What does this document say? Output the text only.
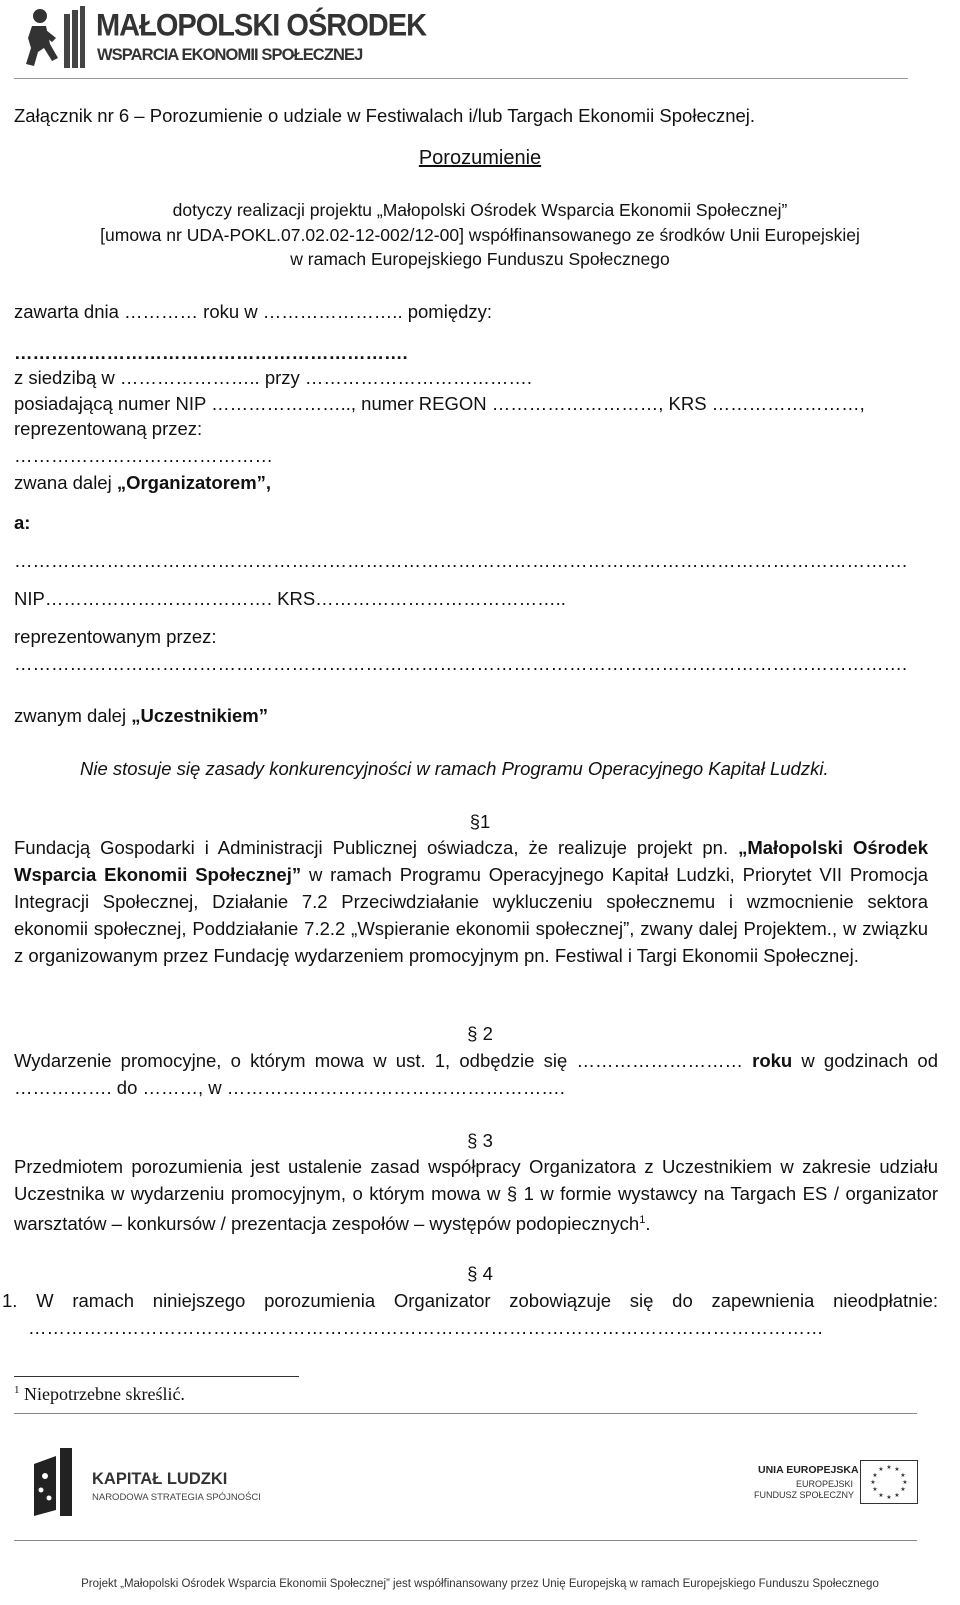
MAŁOPOLSKI OŚRODEK
WSPARCIA EKONOMII SPOŁECZNEJ
Załącznik nr 6 – Porozumienie o udziale w Festiwalach i/lub Targach Ekonomii Społecznej.
Porozumienie
dotyczy realizacji projektu „Małopolski Ośrodek Wsparcia Ekonomii Społecznej”
[umowa nr UDA-POKL.07.02.02-12-002/12-00] współfinansowanego ze środków Unii Europejskiej
w ramach Europejskiego Funduszu Społecznego
zawarta dnia ………… roku w ………………….. pomiędzy:
……………………………………………………….
z siedzibą w ………………….. przy ……………………………….
posiadającą numer NIP ………………….., numer REGON ………………………, KRS ……………………,
reprezentowaną przez:
……………………………………
zwana dalej „Organizatorem”,
a:
……………………………………………………………………………………………………………………………….
NIP………………………………. KRS…………………………………..
reprezentowanym przez:
……………………………………………………………………………………………………………………………….
zwanym dalej „Uczestnikiem”
Nie stosuje się zasady konkurencyjności w ramach Programu Operacyjnego Kapitał Ludzki.
§1
Fundacją Gospodarki i Administracji Publicznej oświadcza, że realizuje projekt pn. „Małopolski Ośrodek Wsparcia Ekonomii Społecznej” w ramach Programu Operacyjnego Kapitał Ludzki, Priorytet VII Promocja Integracji Społecznej, Działanie 7.2 Przeciwdziałanie wykluczeniu społecznemu i wzmocnienie sektora ekonomii społecznej, Poddziałanie 7.2.2 „Wspieranie ekonomii społecznej”, zwany dalej Projektem., w związku z organizowanym przez Fundację wydarzeniem promocyjnym pn. Festiwal i Targi Ekonomii Społecznej.
§ 2
Wydarzenie promocyjne, o którym mowa w ust. 1, odbędzie się ……………………… roku w godzinach od ……………. do ………, w ……………………………………………….
§ 3
Przedmiotem porozumienia jest ustalenie zasad współpracy Organizatora z Uczestnikiem w zakresie udziału Uczestnika w wydarzeniu promocyjnym, o którym mowa w § 1 w formie wystawcy na Targach ES / organizator warsztatów – konkursów / prezentacja zespołów – występów podopiecznych$^1$.
§ 4
1. W ramach niniejszego porozumienia Organizator zobowiązuje się do zapewnienia nieodpłatnie:
…………………………………………………………………………………………………………………
$^1$ Niepotrzebne skreślić.
KAPITAŁ LUDZKI
NARODOWA STRATEGIA SPÓJNOŚCI
UNIA EUROPEJSKA
EUROPEJSKI
FUNDUSZ SPOŁECZNY
★ ★
★
★
★
★
★
★
★
★
★
★
Projekt „Małopolski Ośrodek Wsparcia Ekonomii Społecznej” jest współfinansowany przez Unię Europejską w ramach Europejskiego Funduszu Społecznego
